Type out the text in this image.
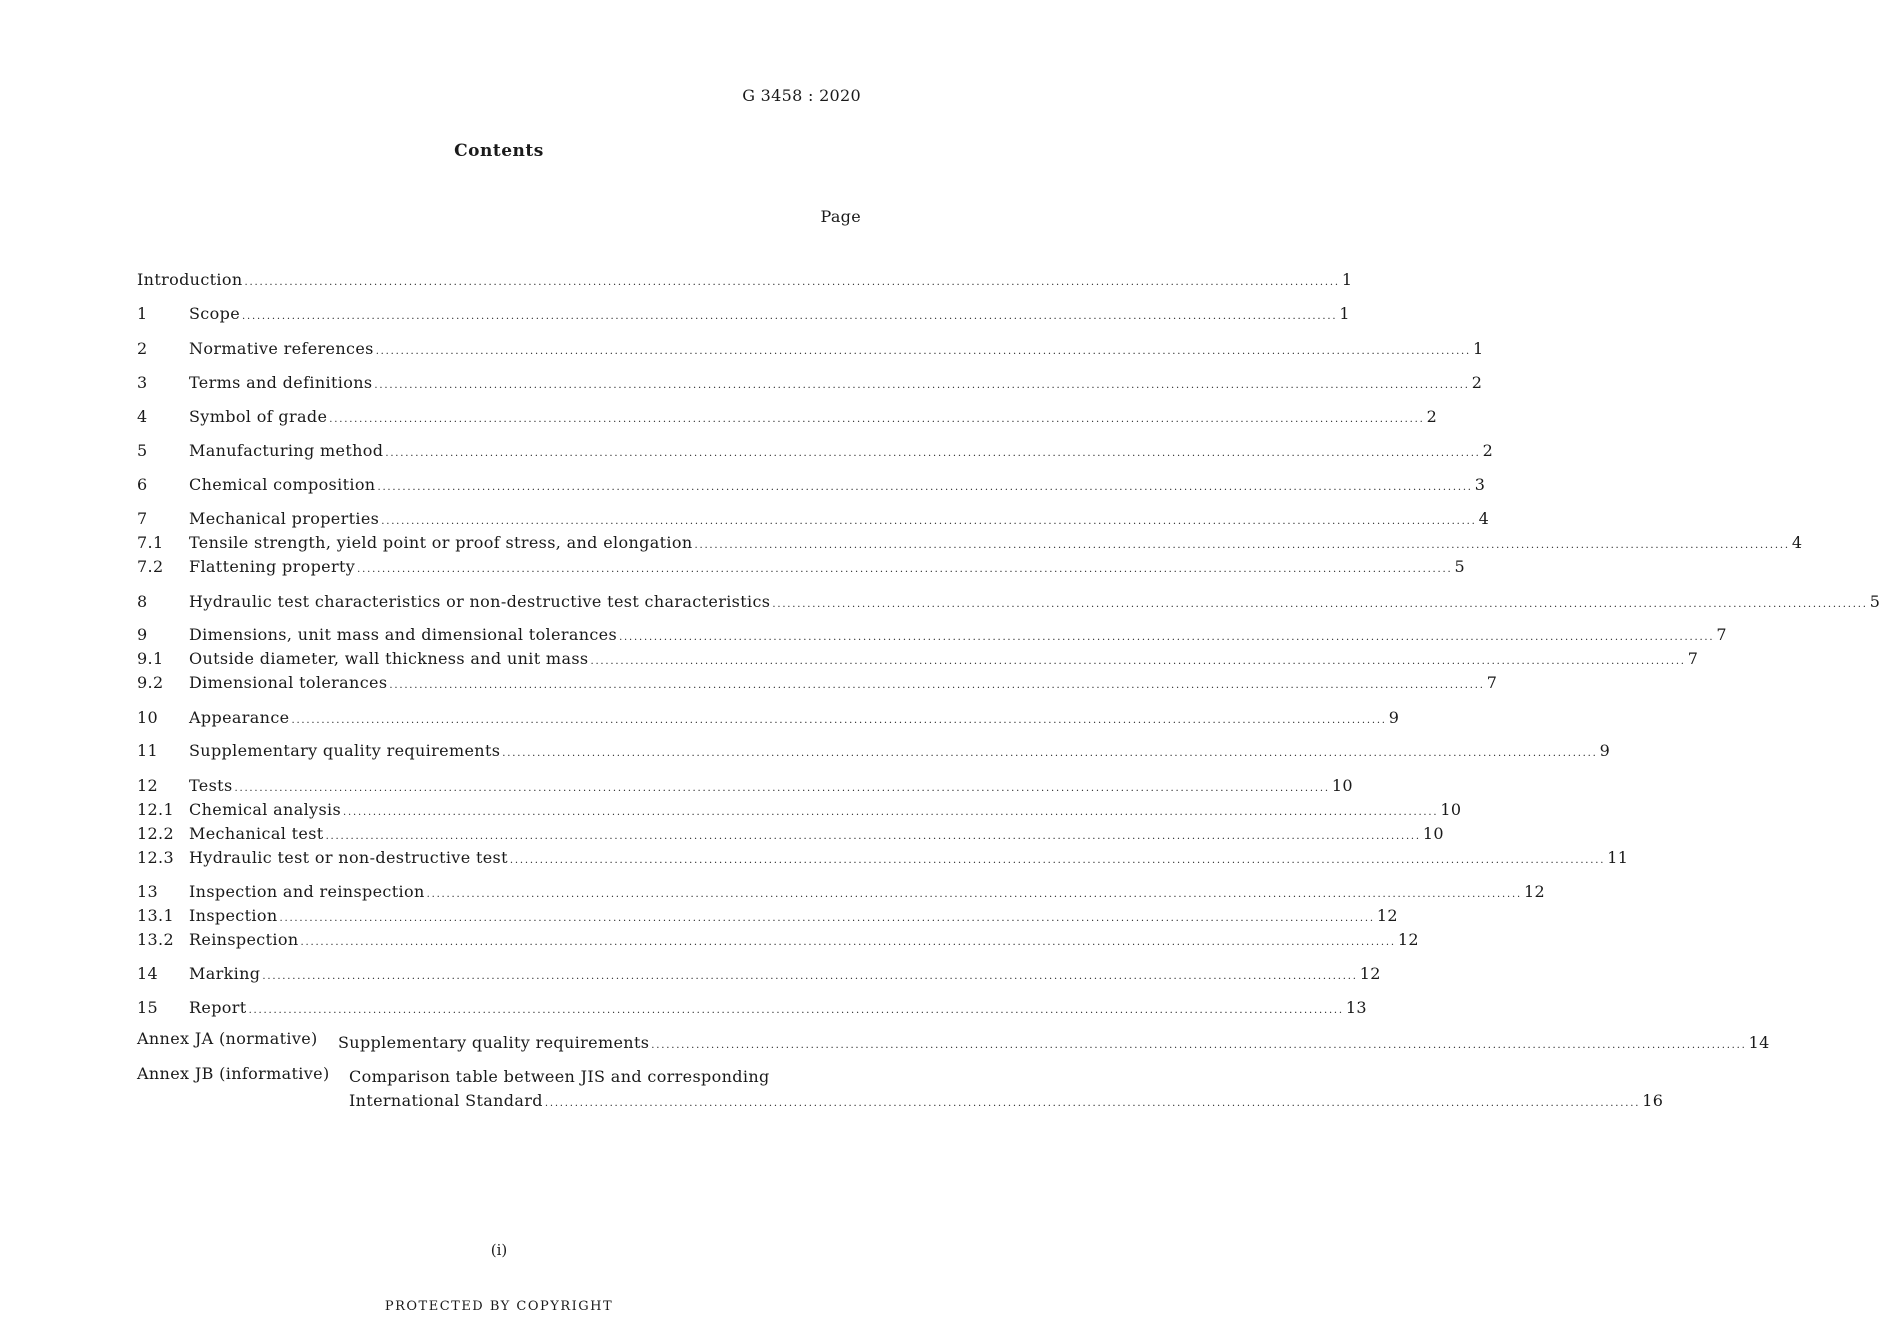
G 3458 : 2020
Contents
Page
Introduction ............................................................................................................................................................................................................................ 1
1	Scope ............................................................................................................................................................................................................................ 1
2	Normative references ............................................................................................................................................................................................................................ 1
3	Terms and definitions ............................................................................................................................................................................................................................ 2
4	Symbol of grade ............................................................................................................................................................................................................................ 2
5	Manufacturing method ............................................................................................................................................................................................................................ 2
6	Chemical composition ............................................................................................................................................................................................................................ 3
7	Mechanical properties ............................................................................................................................................................................................................................ 4
7.1	Tensile strength, yield point or proof stress, and elongation ............................................................................................................................................................................................................................ 4
7.2	Flattening property ............................................................................................................................................................................................................................ 5
8	Hydraulic test characteristics or non-destructive test characteristics ............................................................................................................................................................................................................................ 5
9	Dimensions, unit mass and dimensional tolerances ............................................................................................................................................................................................................................ 7
9.1	Outside diameter, wall thickness and unit mass ............................................................................................................................................................................................................................ 7
9.2	Dimensional tolerances ............................................................................................................................................................................................................................ 7
10	Appearance ............................................................................................................................................................................................................................ 9
11	Supplementary quality requirements ............................................................................................................................................................................................................................ 9
12	Tests ............................................................................................................................................................................................................................ 10
12.1 Chemical analysis ............................................................................................................................................................................................................................ 10
12.2 Mechanical test ............................................................................................................................................................................................................................ 10
12.3 Hydraulic test or non-destructive test ............................................................................................................................................................................................................................ 11
13	Inspection and reinspection ............................................................................................................................................................................................................................ 12
13.1 Inspection ............................................................................................................................................................................................................................ 12
13.2 Reinspection ............................................................................................................................................................................................................................ 12
14	Marking ............................................................................................................................................................................................................................ 12
15	Report ............................................................................................................................................................................................................................ 13
Annex JA (normative) Supplementary quality requirements ............................................................................................................................................................................................................................ 14
Annex JB (informative) Comparison table between JIS and corresponding
International Standard ............................................................................................................................................................................................................................ 16
(i)
PROTECTED BY COPYRIGHT
